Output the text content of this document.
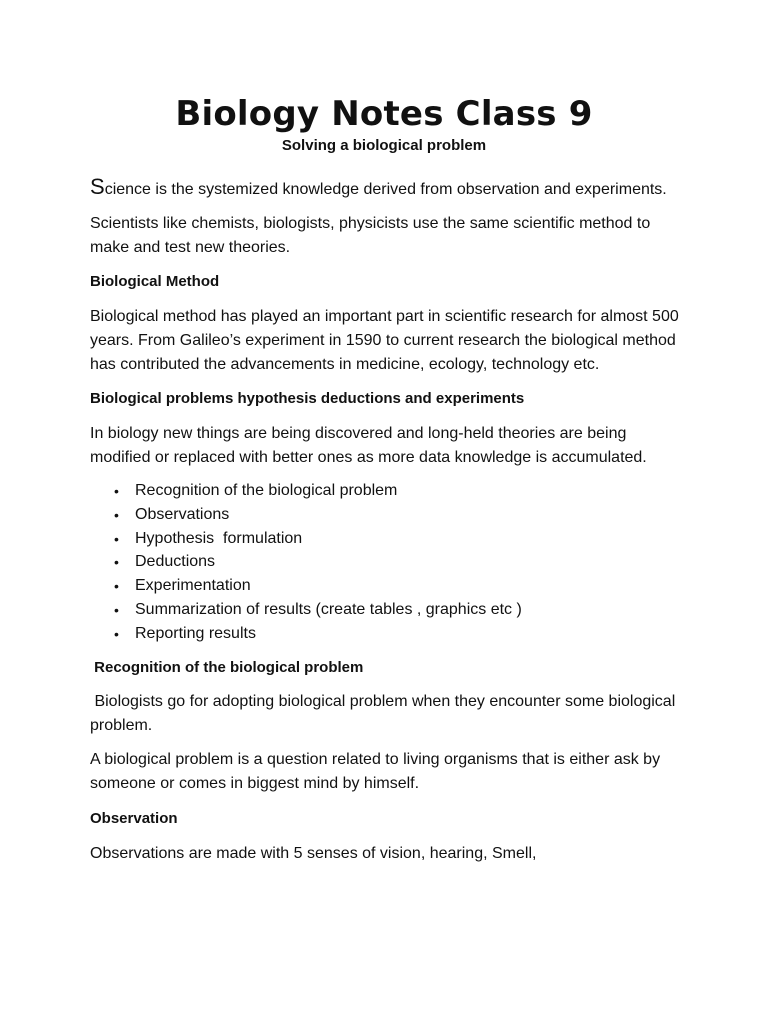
Biology Notes Class 9
Solving a biological problem

Science is the systemized knowledge derived from observation and experiments.

Scientists like chemists, biologists, physicists use the same scientific method to make and test new theories.

Biological Method

Biological method has played an important part in scientific research for almost 500 years. From Galileo’s experiment in 1590 to current research the biological method has contributed the advancements in medicine, ecology, technology etc.

Biological problems hypothesis deductions and experiments

In biology new things are being discovered and long-held theories are being modified or replaced with better ones as more data knowledge is accumulated.

• Recognition of the biological problem
• Observations
• Hypothesis  formulation
• Deductions
• Experimentation
• Summarization of results (create tables , graphics etc )
• Reporting results
Recognition of the biological problem

Biologists go for adopting biological problem when they encounter some biological problem.

A biological problem is a question related to living organisms that is either ask by someone or comes in biggest mind by himself.

Observation

Observations are made with 5 senses of vision, hearing, Smell,
